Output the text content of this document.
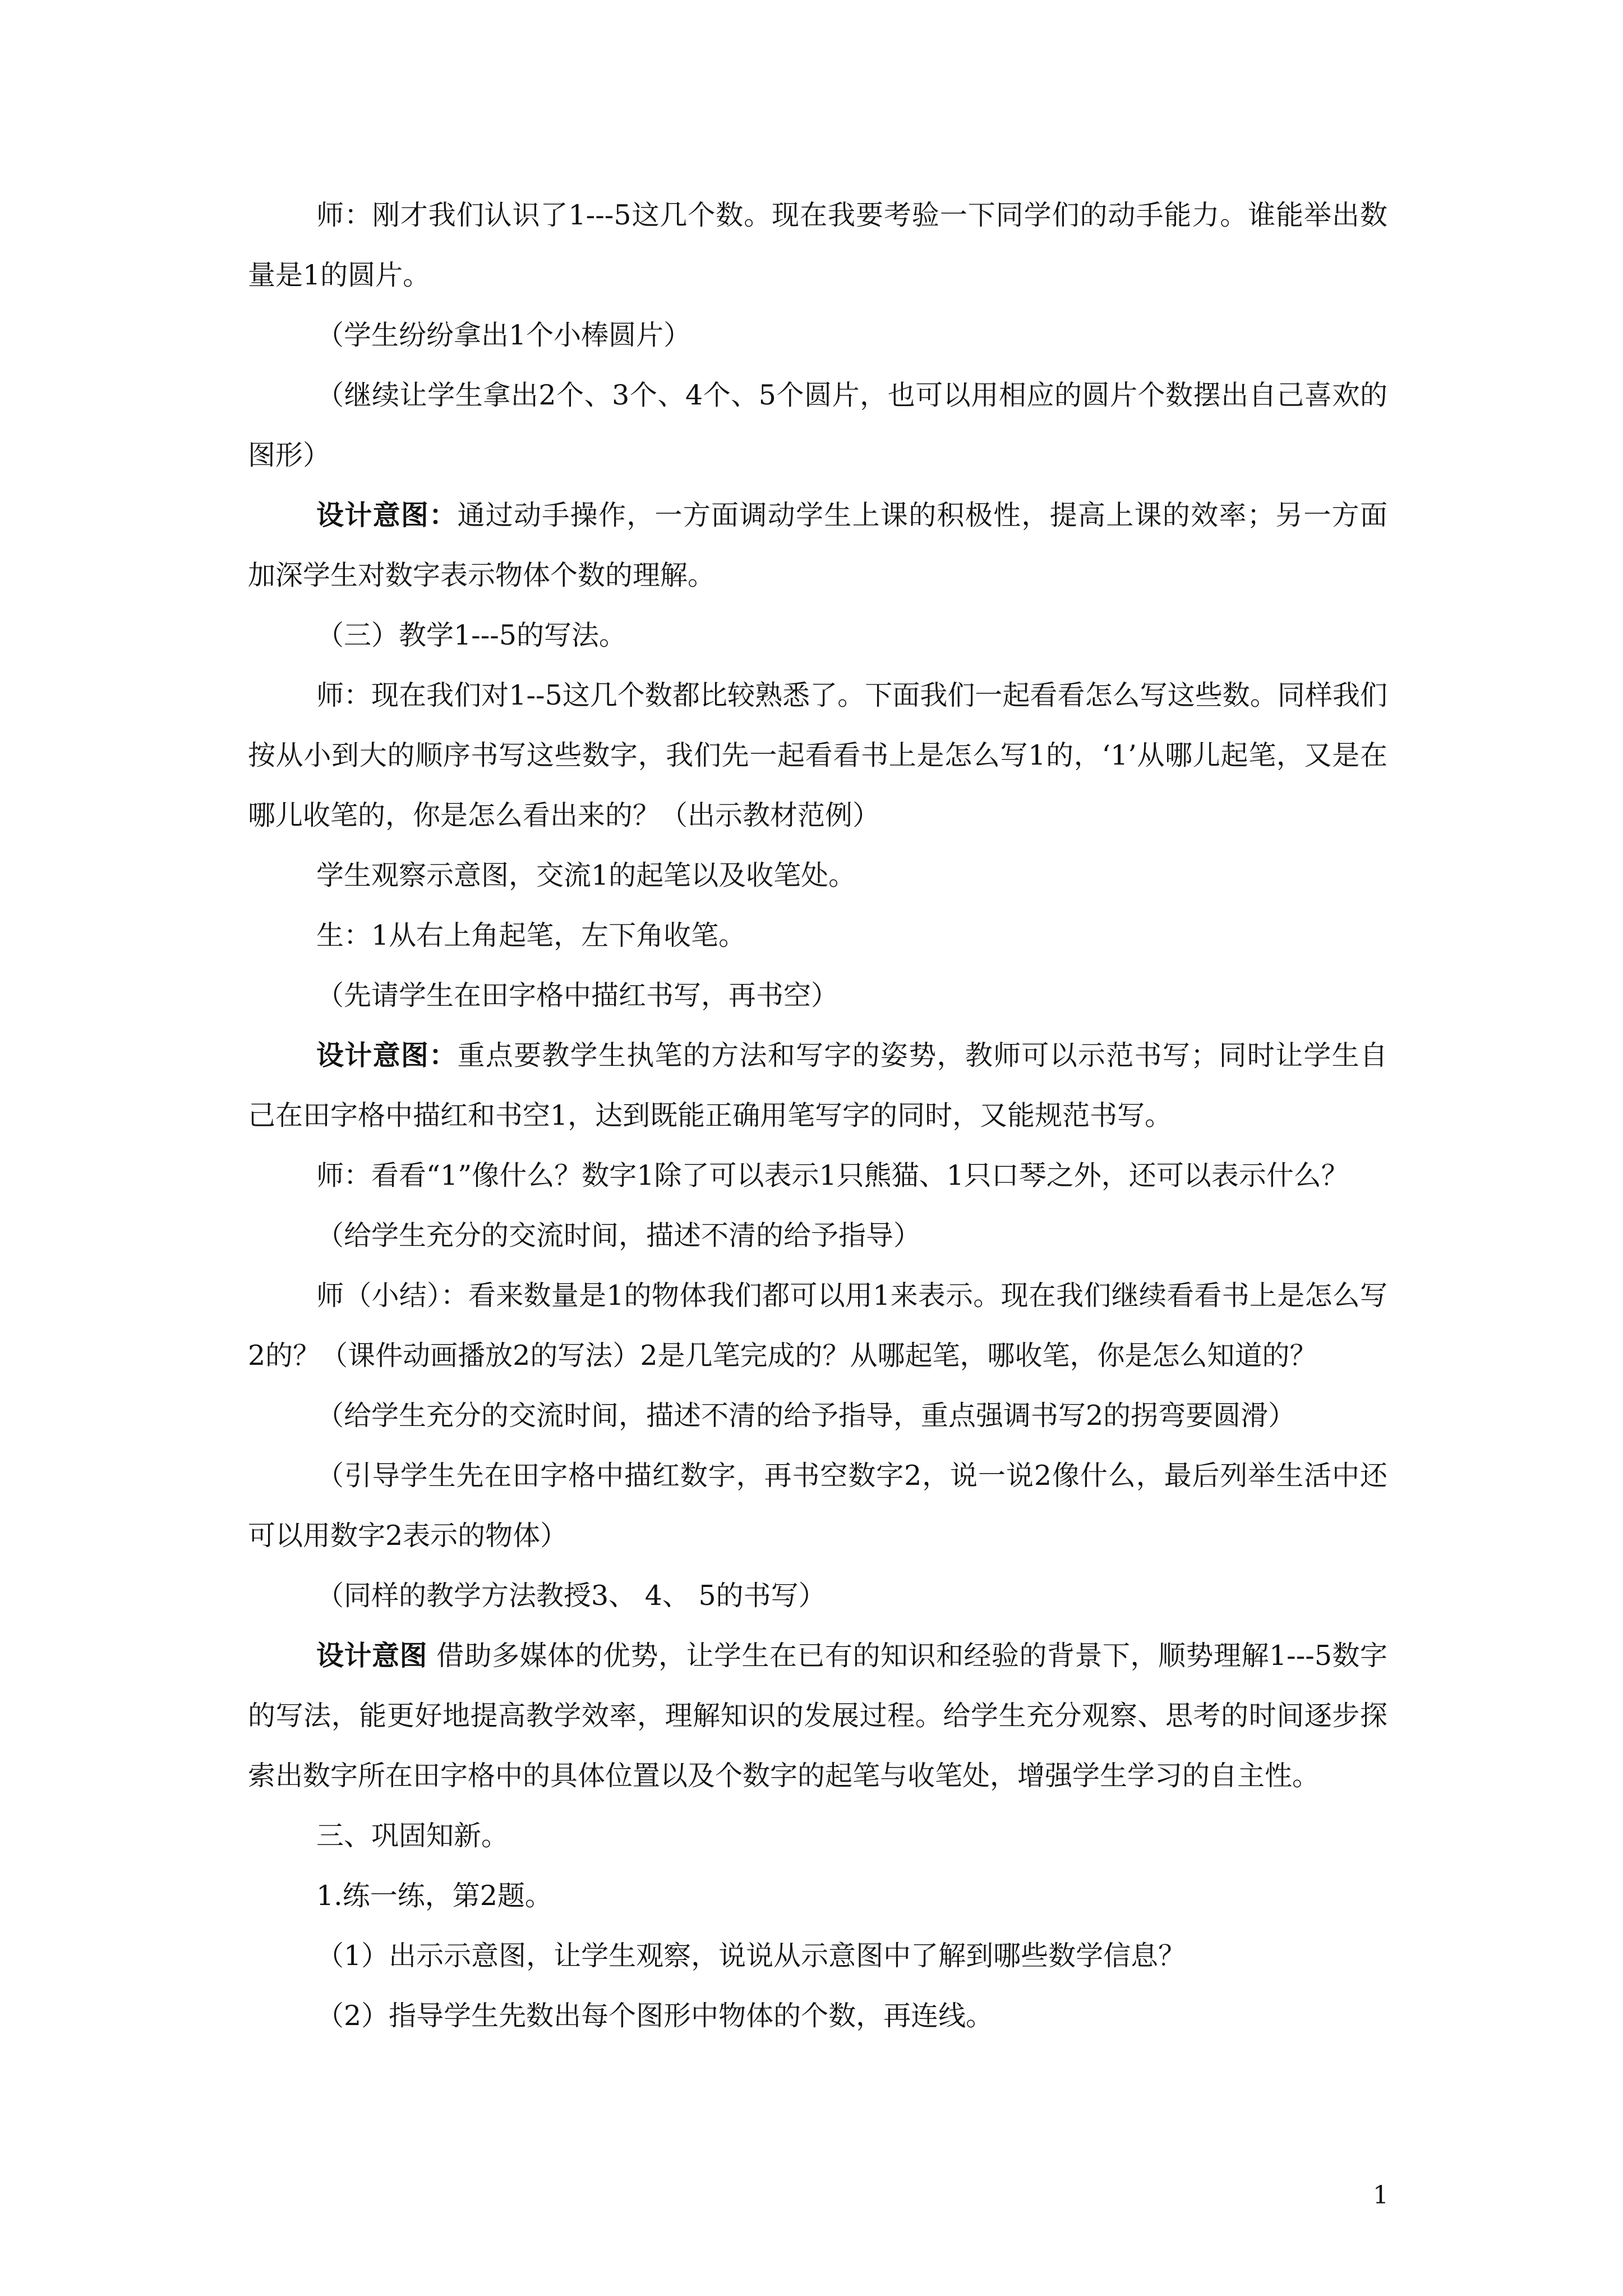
师：刚才我们认识了1---5这几个数。现在我要考验一下同学们的动手能力。谁能举出数量是1的圆片。

（学生纷纷拿出1个小棒圆片）

（继续让学生拿出2个、3个、4个、5个圆片，也可以用相应的圆片个数摆出自己喜欢的图形）

设计意图：通过动手操作，一方面调动学生上课的积极性，提高上课的效率；另一方面加深学生对数字表示物体个数的理解。

（三）教学1---5的写法。

师：现在我们对1--5这几个数都比较熟悉了。下面我们一起看看怎么写这些数。同样我们按从小到大的顺序书写这些数字，我们先一起看看书上是怎么写1的，‘1’从哪儿起笔，又是在哪儿收笔的，你是怎么看出来的？（出示教材范例）

学生观察示意图，交流1的起笔以及收笔处。

生：1从右上角起笔，左下角收笔。

（先请学生在田字格中描红书写，再书空）

设计意图：重点要教学生执笔的方法和写字的姿势，教师可以示范书写；同时让学生自己在田字格中描红和书空1，达到既能正确用笔写字的同时，又能规范书写。

师：看看“1”像什么？数字1除了可以表示1只熊猫、1只口琴之外，还可以表示什么？

（给学生充分的交流时间，描述不清的给予指导）

师（小结）：看来数量是1的物体我们都可以用1来表示。现在我们继续看看书上是怎么写2的？（课件动画播放2的写法）2是几笔完成的？从哪起笔，哪收笔，你是怎么知道的？

（给学生充分的交流时间，描述不清的给予指导，重点强调书写2的拐弯要圆滑）

（引导学生先在田字格中描红数字，再书空数字2，说一说2像什么，最后列举生活中还可以用数字2表示的物体）

（同样的教学方法教授3、 4、 5的书写）

设计意图 借助多媒体的优势，让学生在已有的知识和经验的背景下，顺势理解1---5数字的写法，能更好地提高教学效率，理解知识的发展过程。给学生充分观察、思考的时间逐步探索出数字所在田字格中的具体位置以及个数字的起笔与收笔处，增强学生学习的自主性。

三、巩固知新。

1.练一练，第2题。

（1）出示示意图，让学生观察，说说从示意图中了解到哪些数学信息？

（2）指导学生先数出每个图形中物体的个数，再连线。

1
